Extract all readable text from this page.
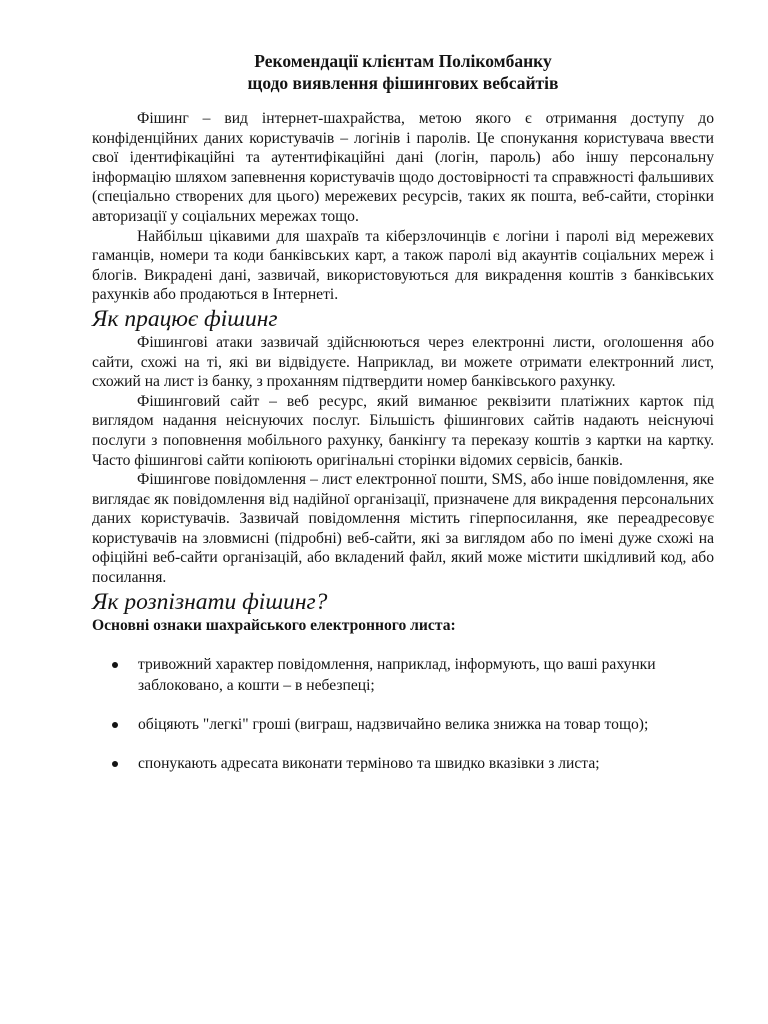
Рекомендації клієнтам Полікомбанку

щодо виявлення фішингових вебсайтів

Фішинг – вид інтернет-шахрайства, метою якого є отримання доступу до конфіденційних даних користувачів – логінів і паролів. Це спонукання користувача ввести свої ідентифікаційні та аутентифікаційні дані (логін, пароль) або іншу персональну інформацію шляхом запевнення користувачів щодо достовірності та справжності фальшивих (спеціально створених для цього) мережевих ресурсів, таких як пошта, веб-сайти, сторінки авторизації у соціальних мережах тощо.

Найбільш цікавими для шахраїв та кіберзлочинців є логіни і паролі від мережевих гаманців, номери та коди банківських карт, а також паролі від акаунтів соціальних мереж і блогів. Викрадені дані, зазвичай, використовуються для викрадення коштів з банківських рахунків або продаються в Інтернеті.

Як працює фішинг

Фішингові атаки зазвичай здійснюються через електронні листи, оголошення або сайти, схожі на ті, які ви відвідуєте. Наприклад, ви можете отримати електронний лист, схожий на лист із банку, з проханням підтвердити номер банківського рахунку.

Фішинговий сайт – веб ресурс, який виманює реквізити платіжних карток під виглядом надання неіснуючих послуг. Більшість фішингових сайтів надають неіснуючі послуги з поповнення мобільного рахунку, банкінгу та переказу коштів з картки на картку. Часто фішингові сайти копіюють оригінальні сторінки відомих сервісів, банків.

Фішингове повідомлення – лист електронної пошти, SMS, або інше повідомлення, яке виглядає як повідомлення від надійної організації, призначене для викрадення персональних даних користувачів. Зазвичай повідомлення містить гіперпосилання, яке переадресовує користувачів на зловмисні (підробні) веб-сайти, які за виглядом або по імені дуже схожі на офіційні веб-сайти організацій, або вкладений файл, який може містити шкідливий код, або посилання.

Як розпізнати фішинг?

Основні ознаки шахрайського електронного листа:

тривожний характер повідомлення, наприклад, інформують, що ваші рахунки заблоковано, а кошти – в небезпеці;
обіцяють "легкі" гроші (виграш, надзвичайно велика знижка на товар тощо);
спонукають адресата виконати терміново та швидко вказівки з листа;
